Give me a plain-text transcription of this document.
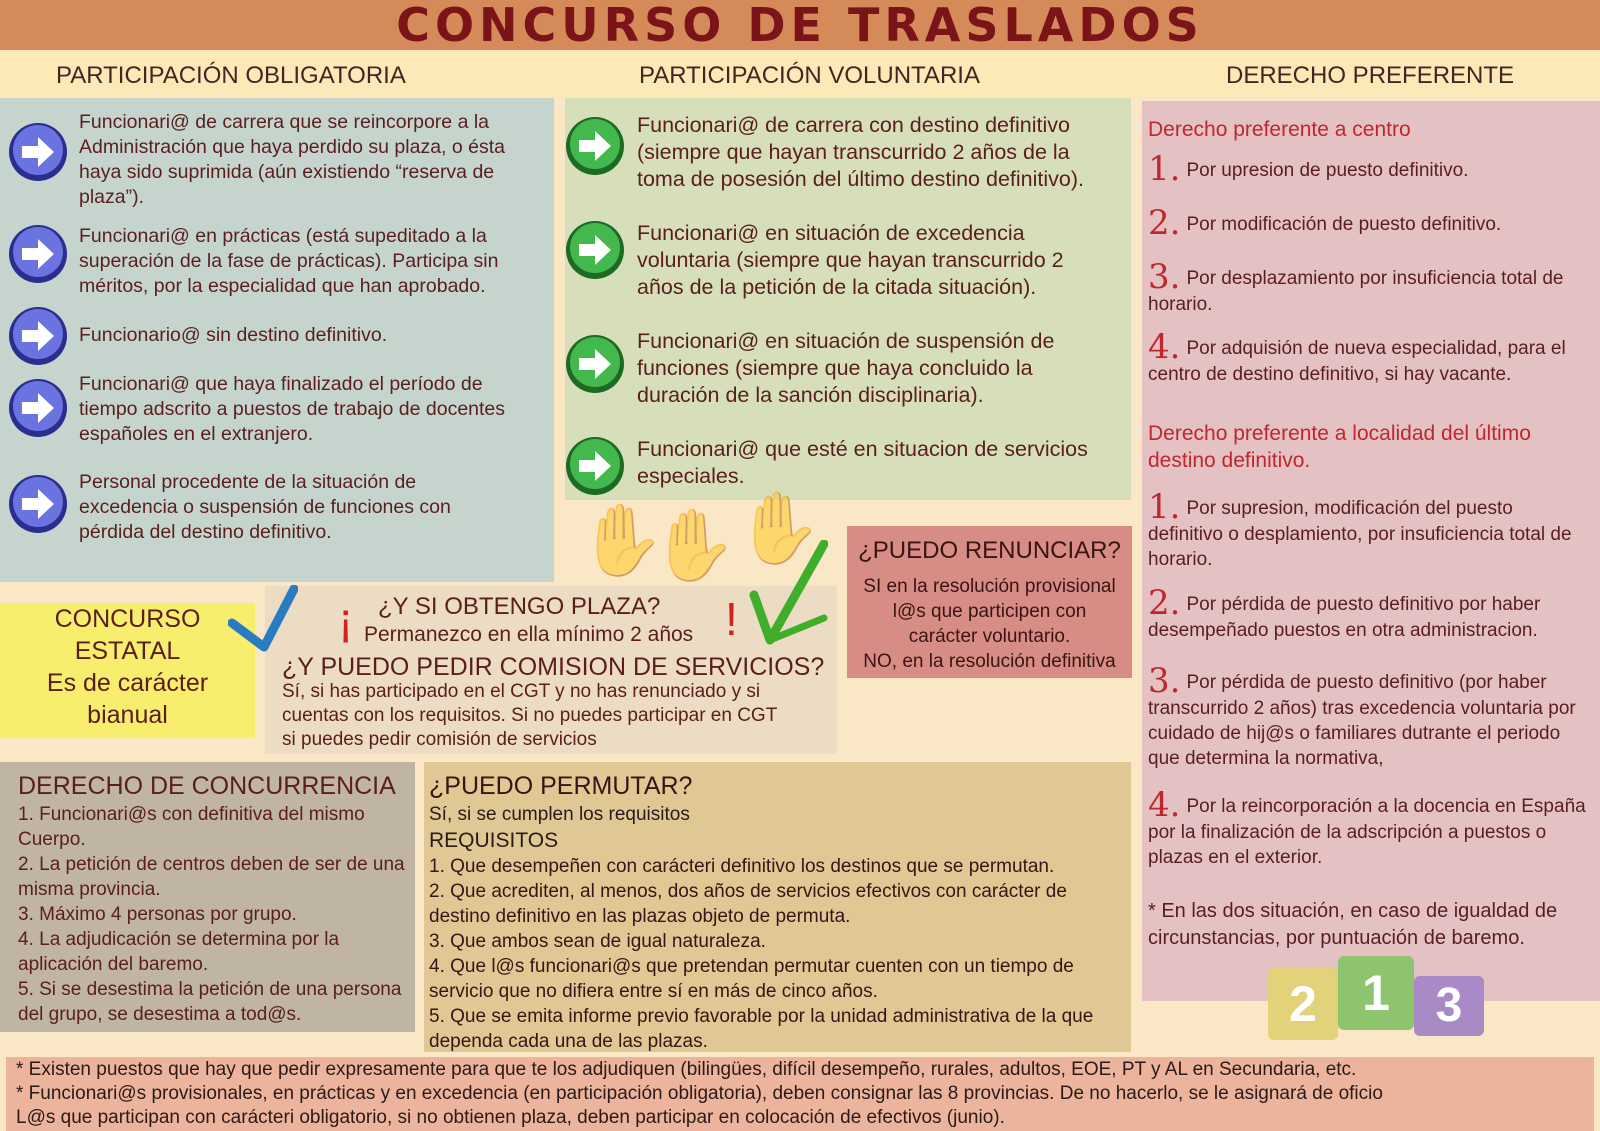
CONCURSO DE TRASLADOS
PARTICIPACIÓN OBLIGATORIA	PARTICIPACIÓN VOLUNTARIA	DERECHO PREFERENTE
Funcionari@ de carrera que se reincorpore a la Administración que haya perdido su plaza, o ésta haya sido suprimida (aún existiendo “reserva de plaza”).
Funcionari@ en prácticas (está supeditado a la superación de la fase de prácticas). Participa sin méritos, por la especialidad que han aprobado.
Funcionario@ sin destino definitivo.
Funcionari@ que haya finalizado el período de tiempo adscrito a puestos de trabajo de docentes españoles en el extranjero.
Personal procedente de la situación de excedencia o suspensión de funciones con pérdida del destino definitivo.
Funcionari@ de carrera con destino definitivo (siempre que hayan transcurrido 2 años de la toma de posesión del último destino definitivo).
Funcionari@ en situación de excedencia voluntaria (siempre que hayan transcurrido 2 años de la petición de la citada situación).
Funcionari@ en situación de suspensión de funciones (siempre que haya concluido la duración de la sanción disciplinaria).
Funcionari@ que esté en situacion de servicios especiales.
✋
✋
✋
Derecho preferente a centro
1. Por upresion de puesto definitivo.
2. Por modificación de puesto definitivo.
3. Por desplazamiento por insuficiencia total de horario.
4. Por adquisión de nueva especialidad, para el centro de destino definitivo, si hay vacante.
Derecho preferente a localidad del último destino definitivo.
1. Por supresion, modificación del puesto definitivo o desplamiento, por insuficiencia total de horario.
2. Por pérdida de puesto definitivo por haber desempeñado puestos en otra administracion.
3. Por pérdida de puesto definitivo (por haber transcurrido 2 años) tras excedencia voluntaria por cuidado de hij@s o familiares dutrante el periodo que determina la normativa,
4. Por la reincorporación a la docencia en España por la finalización de la adscripción a puestos o plazas en el exterior.
* En las dos situación, en caso de igualdad de circunstancias, por puntuación de baremo.
2 1 3
CONCURSO
ESTATAL
Es de carácter
bianual
¡	!
¿Y SI OBTENGO PLAZA?
Permanezco en ella mínimo 2 años
¿Y PUEDO PEDIR COMISION DE SERVICIOS?
Sí, si has participado en el CGT y no has renunciado y si
cuentas con los requisitos. Si no puedes participar en CGT
si puedes pedir comisión de servicios
¿PUEDO RENUNCIAR?
SI en la resolución provisional
l@s que participen con
carácter voluntario.
NO, en la resolución definitiva
DERECHO DE CONCURRENCIA
1. Funcionari@s con definitiva del mismo Cuerpo.
2. La petición de centros deben de ser de una misma provincia.
3. Máximo 4 personas por grupo.
4. La adjudicación se determina por la aplicación del baremo.
5. Si se desestima la petición de una persona del grupo, se desestima a tod@s.
¿PUEDO PERMUTAR?
Sí, si se cumplen los requisitos
REQUISITOS
1. Que desempeñen con carácteri definitivo los destinos que se permutan.
2. Que acrediten, al menos, dos años de servicios efectivos con carácter de destino definitivo en las plazas objeto de permuta.
3. Que ambos sean de igual naturaleza.
4. Que l@s funcionari@s que pretendan permutar cuenten con un tiempo de servicio que no difiera entre sí en más de cinco años.
5. Que se emita informe previo favorable por la unidad administrativa de la que dependa cada una de las plazas.
* Existen puestos que hay que pedir expresamente para que te los adjudiquen (bilingües, difícil desempeño, rurales, adultos, EOE, PT y AL en Secundaria, etc.
* Funcionari@s provisionales, en prácticas y en excedencia (en participación obligatoria), deben consignar las 8 provincias. De no hacerlo, se le asignará de oficio
L@s que participan con carácteri obligatorio, si no obtienen plaza, deben participar en colocación de efectivos (junio).
